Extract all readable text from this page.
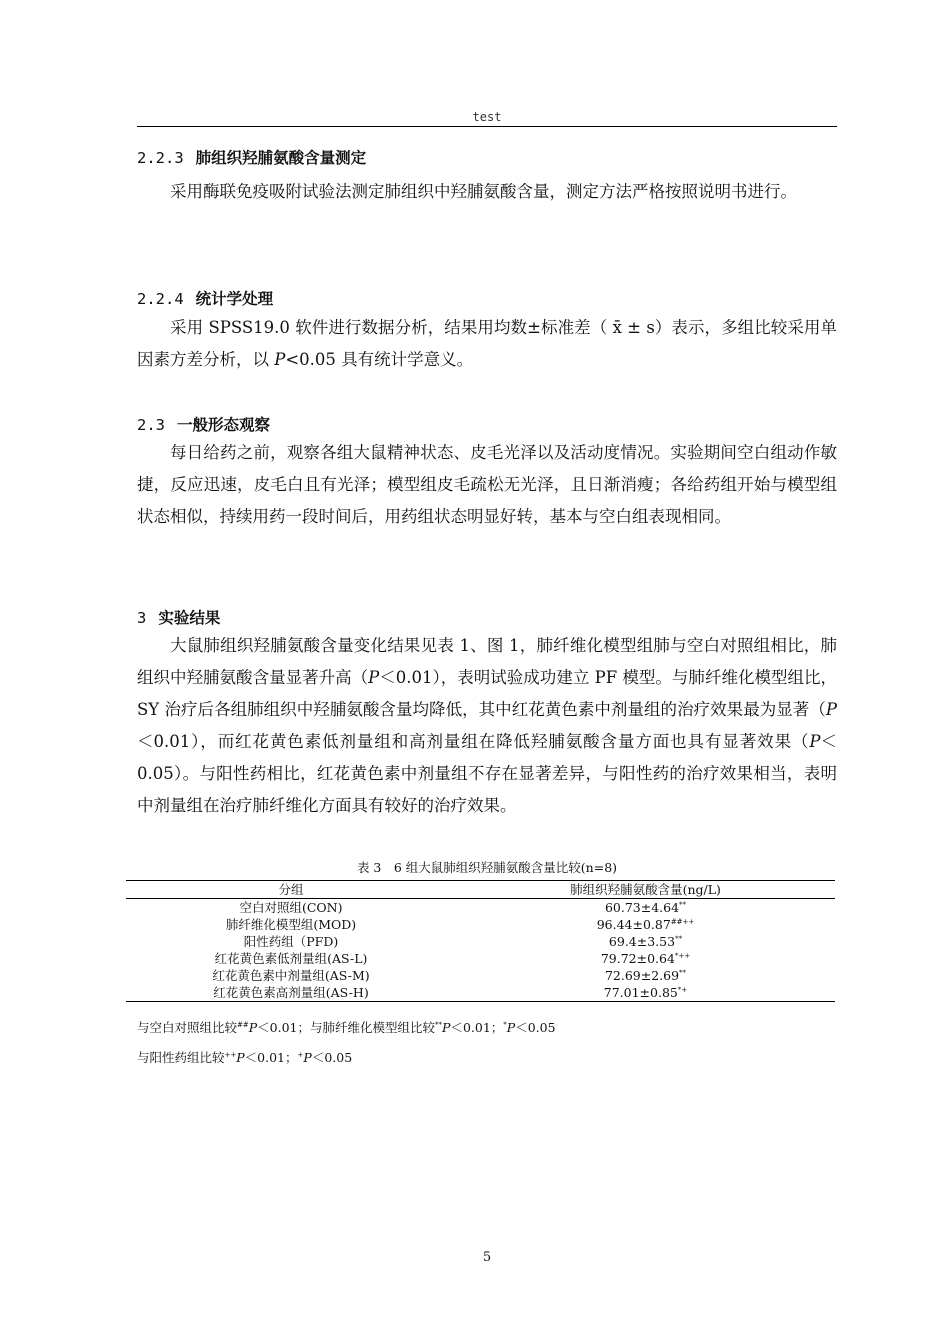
test
2.2.3 肺组织羟脯氨酸含量测定

采用酶联免疫吸附试验法测定肺组织中羟脯氨酸含量，测定方法严格按照说明书进行。

2.2.4 统计学处理

采用 SPSS19.0 软件进行数据分析，结果用均数±标准差（ x̄ ± s）表示，多组比较采用单因素方差分析，以 P<0.05 具有统计学意义。

2.3 一般形态观察

每日给药之前，观察各组大鼠精神状态、皮毛光泽以及活动度情况。实验期间空白组动作敏捷，反应迅速，皮毛白且有光泽；模型组皮毛疏松无光泽，且日渐消瘦；各给药组开始与模型组状态相似，持续用药一段时间后，用药组状态明显好转，基本与空白组表现相同。

3 实验结果

大鼠肺组织羟脯氨酸含量变化结果见表 1、图 1，肺纤维化模型组肺与空白对照组相比，肺组织中羟脯氨酸含量显著升高（P＜0.01），表明试验成功建立 PF 模型。与肺纤维化模型组比，SY 治疗后各组肺组织中羟脯氨酸含量均降低，其中红花黄色素中剂量组的治疗效果最为显著（P＜0.01），而红花黄色素低剂量组和高剂量组在降低羟脯氨酸含量方面也具有显著效果（P＜0.05）。与阳性药相比，红花黄色素中剂量组不存在显著差异，与阳性药的治疗效果相当，表明中剂量组在治疗肺纤维化方面具有较好的治疗效果。

表 3　6 组大鼠肺组织羟脯氨酸含量比较(n=8)
分组	肺组织羟脯氨酸含量(ng/L)
空白对照组(CON)	60.73±4.64**
肺纤维化模型组(MOD)	96.44±0.87##++
阳性药组（PFD)	69.4±3.53**
红花黄色素低剂量组(AS-L)	79.72±0.64*++
红花黄色素中剂量组(AS-M)	72.69±2.69**
红花黄色素高剂量组(AS-H)	77.01±0.85*+
与空白对照组比较##P＜0.01；与肺纤维化模型组比较**P＜0.01；*P＜0.05
与阳性药组比较++P＜0.01；+P＜0.05
5
